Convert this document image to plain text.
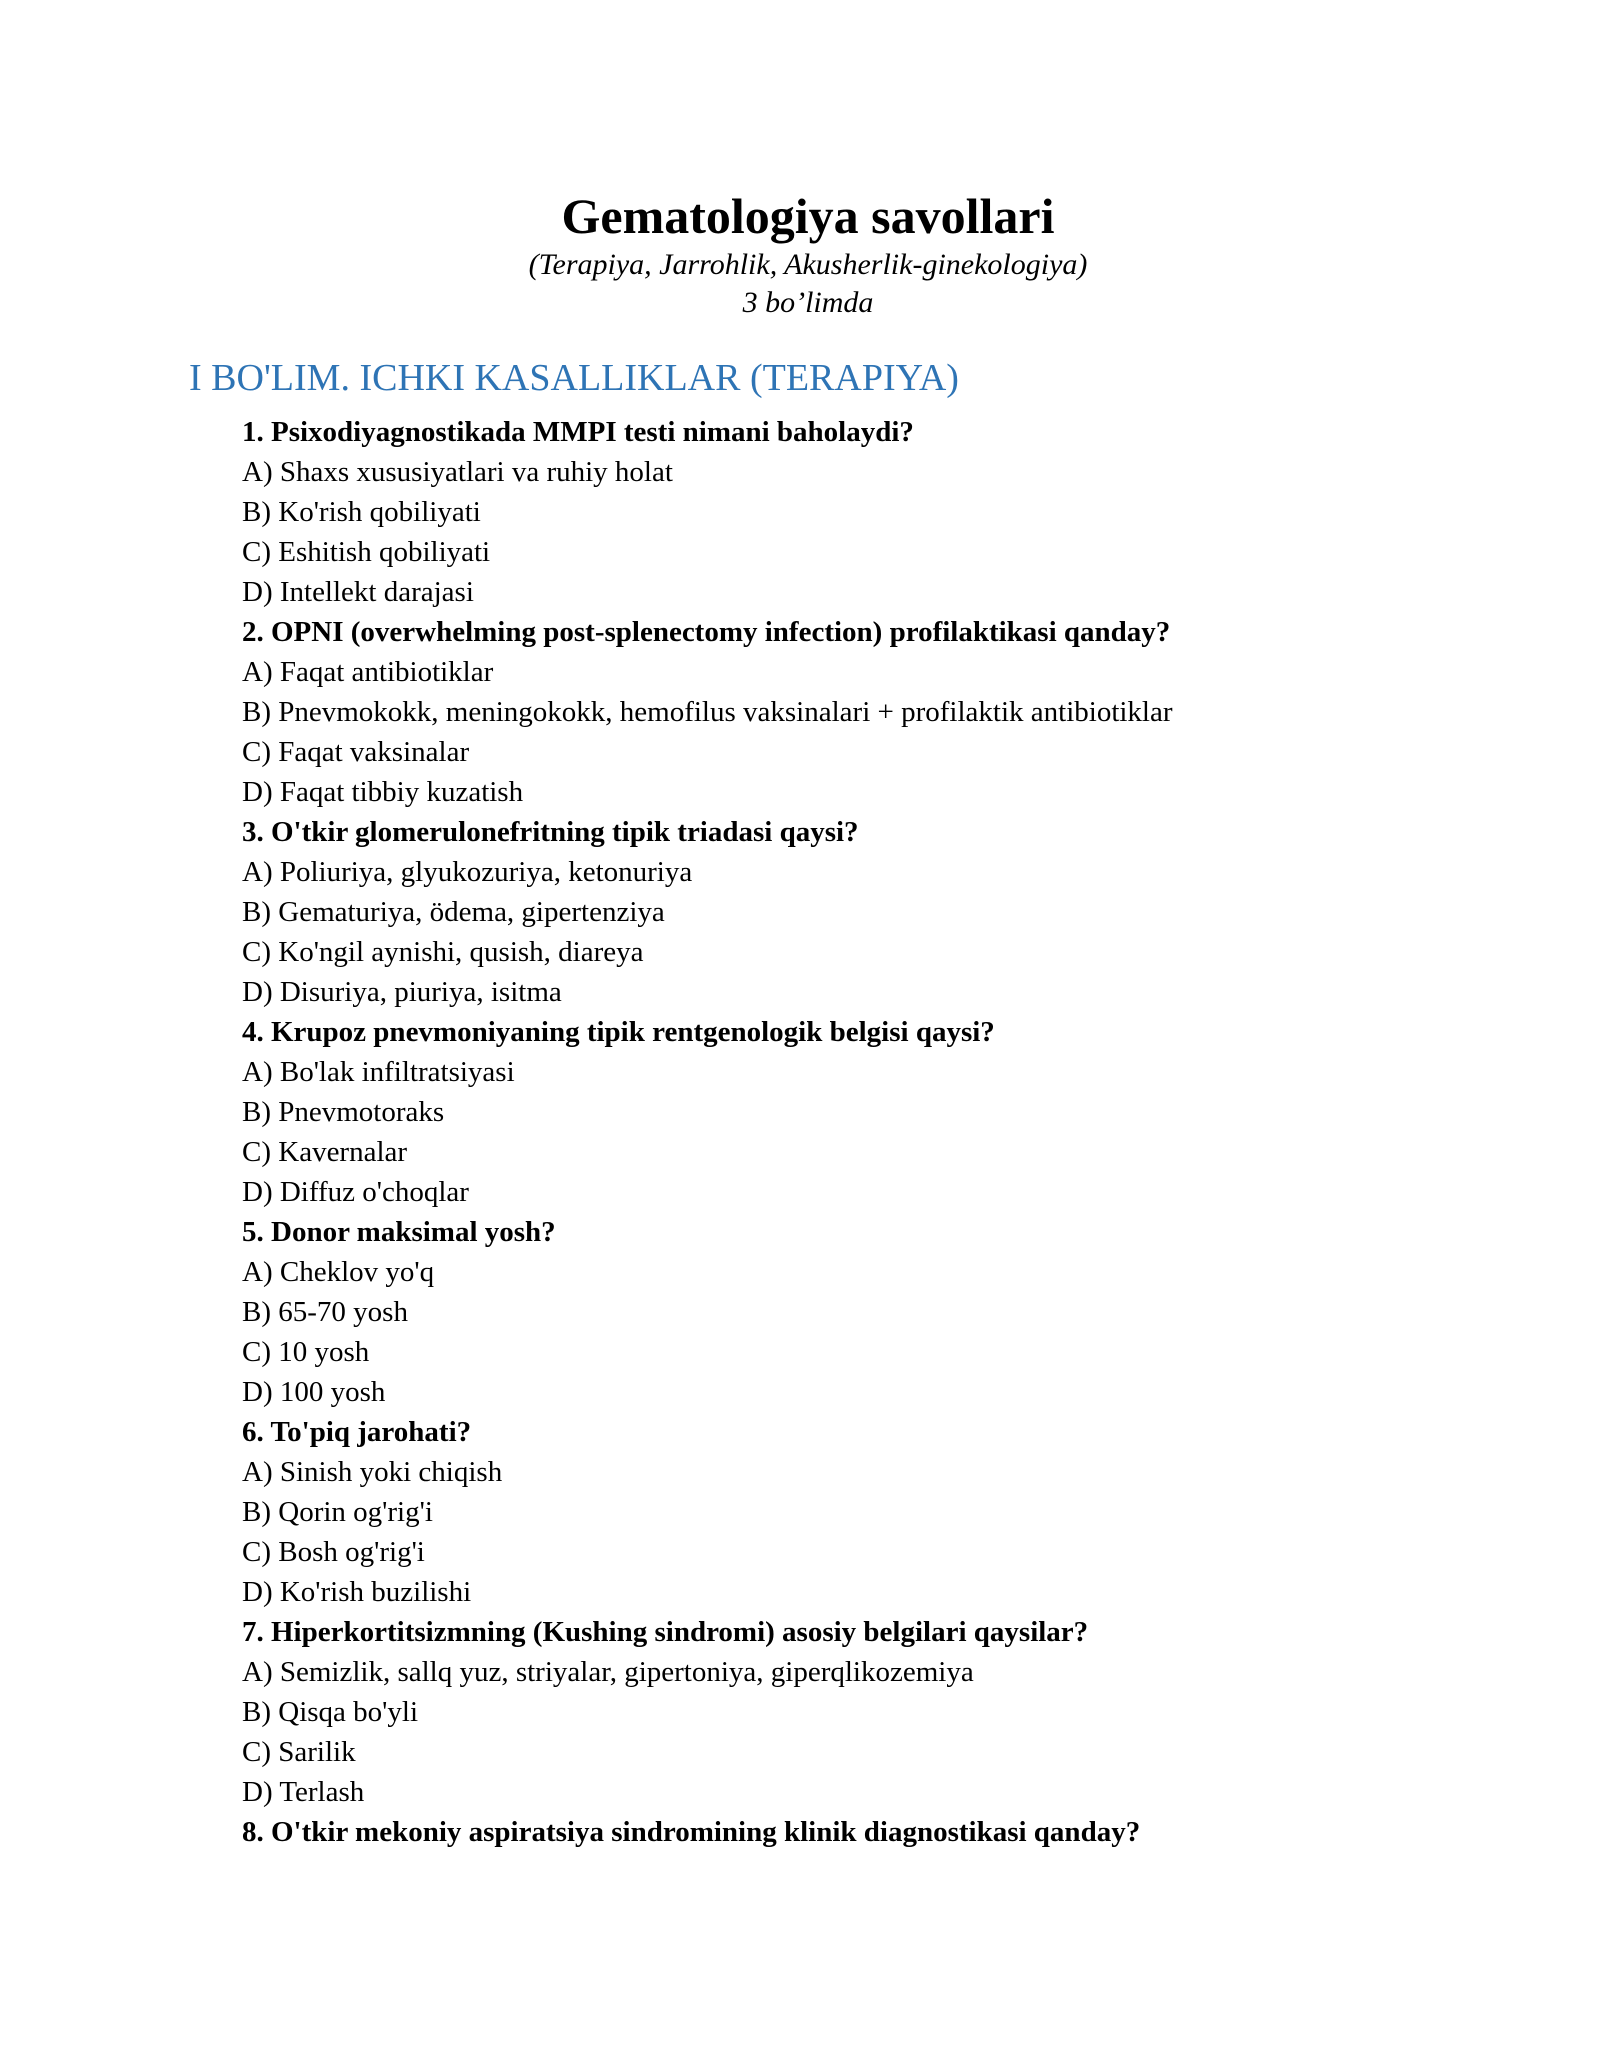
Gematologiya savollari
(Terapiya, Jarrohlik, Akusherlik-ginekologiya)
3 bo’limda
I BO'LIM. ICHKI KASALLIKLAR (TERAPIYA)
1. Psixodiyagnostikada MMPI testi nimani baholaydi?
A) Shaxs xususiyatlari va ruhiy holat
B) Ko'rish qobiliyati
C) Eshitish qobiliyati
D) Intellekt darajasi
2. OPNI (overwhelming post-splenectomy infection) profilaktikasi qanday?
A) Faqat antibiotiklar
B) Pnevmokokk, meningokokk, hemofilus vaksinalari + profilaktik antibiotiklar
C) Faqat vaksinalar
D) Faqat tibbiy kuzatish
3. O'tkir glomerulonefritning tipik triadasi qaysi?
A) Poliuriya, glyukozuriya, ketonuriya
B) Gematuriya, ödema, gipertenziya
C) Ko'ngil aynishi, qusish, diareya
D) Disuriya, piuriya, isitma
4. Krupoz pnevmoniyaning tipik rentgenologik belgisi qaysi?
A) Bo'lak infiltratsiyasi
B) Pnevmotoraks
C) Kavernalar
D) Diffuz o'choqlar
5. Donor maksimal yosh?
A) Cheklov yo'q
B) 65-70 yosh
C) 10 yosh
D) 100 yosh
6. To'piq jarohati?
A) Sinish yoki chiqish
B) Qorin og'rig'i
C) Bosh og'rig'i
D) Ko'rish buzilishi
7. Hiperkortitsizmning (Kushing sindromi) asosiy belgilari qaysilar?
A) Semizlik, sallq yuz, striyalar, gipertoniya, giperqlikozemiya
B) Qisqa bo'yli
C) Sarilik
D) Terlash
8. O'tkir mekoniy aspiratsiya sindromining klinik diagnostikasi qanday?
